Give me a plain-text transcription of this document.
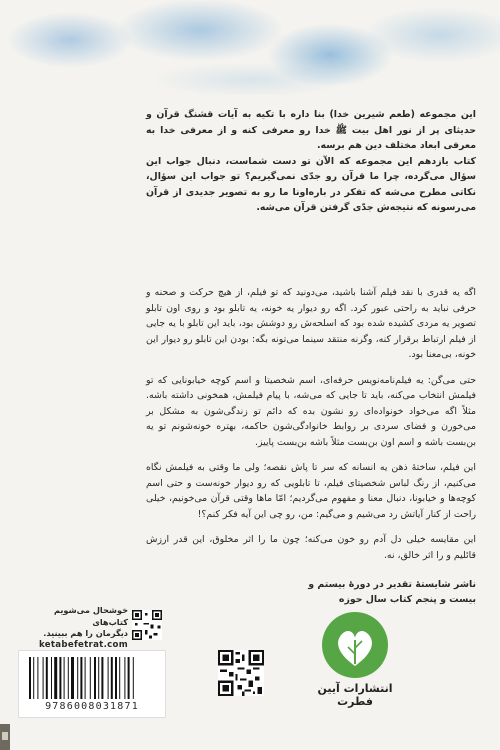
این مجموعه (طعم شیرین خدا) بنا داره با تکیه به آیات قشنگ قرآن و حدیثای پر از نور اهل بیت ﷺ خدا رو معرفی کنه و از معرفی خدا به معرفی ابعاد مختلف دین هم برسه.

کتاب یازدهم این مجموعه که الآن تو دست شماست، دنبال جواب این سؤال می‌گرده، چرا ما قرآن رو جدّی نمی‌گیریم؟ تو جواب این سؤال، نکاتی مطرح می‌شه که تفکر در باره‌اونا ما رو به تصویر جدیدی از قرآن می‌رسونه که نتیجه‌ش جدّی گرفتن قرآن می‌شه.

اگه یه قدری با نقد فیلم آشنا باشید، می‌دونید که تو فیلم، از هیچ حرکت و صحنه و حرفی نباید به راحتی عبور کرد. اگه رو دیوار یه خونه، یه تابلو بود و روی اون تابلو تصویر یه مردی کشیده شده بود که اسلحه‌ش رو دوشش بود، باید این تابلو با یه جایی از فیلم ارتباط برقرار کنه، وگرنه منتقد سینما می‌تونه بگه: بودن این تابلو رو دیوار این خونه، بی‌معنا بود.

حتی می‌گن: یه فیلم‌نامه‌نویس حرفه‌ای، اسم شخصیتا و اسم کوچه خیابونایی که تو فیلمش انتخاب می‌کنه، باید تا جایی که می‌شه، با پیام فیلمش، همخونی داشته باشه. مثلاً اگه می‌خواد خونواده‌ای رو نشون بده که دائم تو زندگی‌شون به مشکل بر می‌خورن و فضای سردی بر روابط خانوادگی‌شون حاکمه، بهتره خونه‌شونم تو یه بن‌بست باشه و اسم اون بن‌بست مثلاً باشه بن‌بست پاییز.

این فیلم، ساختهٔ ذهن یه انسانه که سر تا پاش نقصه؛ ولی ما وقتی به فیلمش نگاه می‌کنیم، از رنگ لباس شخصیتای فیلم، تا تابلویی که رو دیوار خونه‌ست و حتی اسم کوچه‌ها و خیابونا، دنبال معنا و مفهوم می‌گردیم؛ امّا ماها وقتی قرآن می‌خونیم، خیلی راحت از کنار آیاتش رد می‌شیم و می‌گیم: من، رو چی این آیه فکر کنم؟!

این مقایسه خیلی دل آدم رو خون می‌کنه؛ چون ما را اثر مخلوق، این قدر ارزش قائلیم و را اثر خالق، نه.

ناشر شایستهٔ تقدیر در دورهٔ بیستم و
بیست و پنجم کتاب سال حوزه
انتشارات آیین فطرت
خوشحال می‌شویم کتاب‌های
دیگرمان را هم ببینید.
ketabefetrat.com
9786008031871
